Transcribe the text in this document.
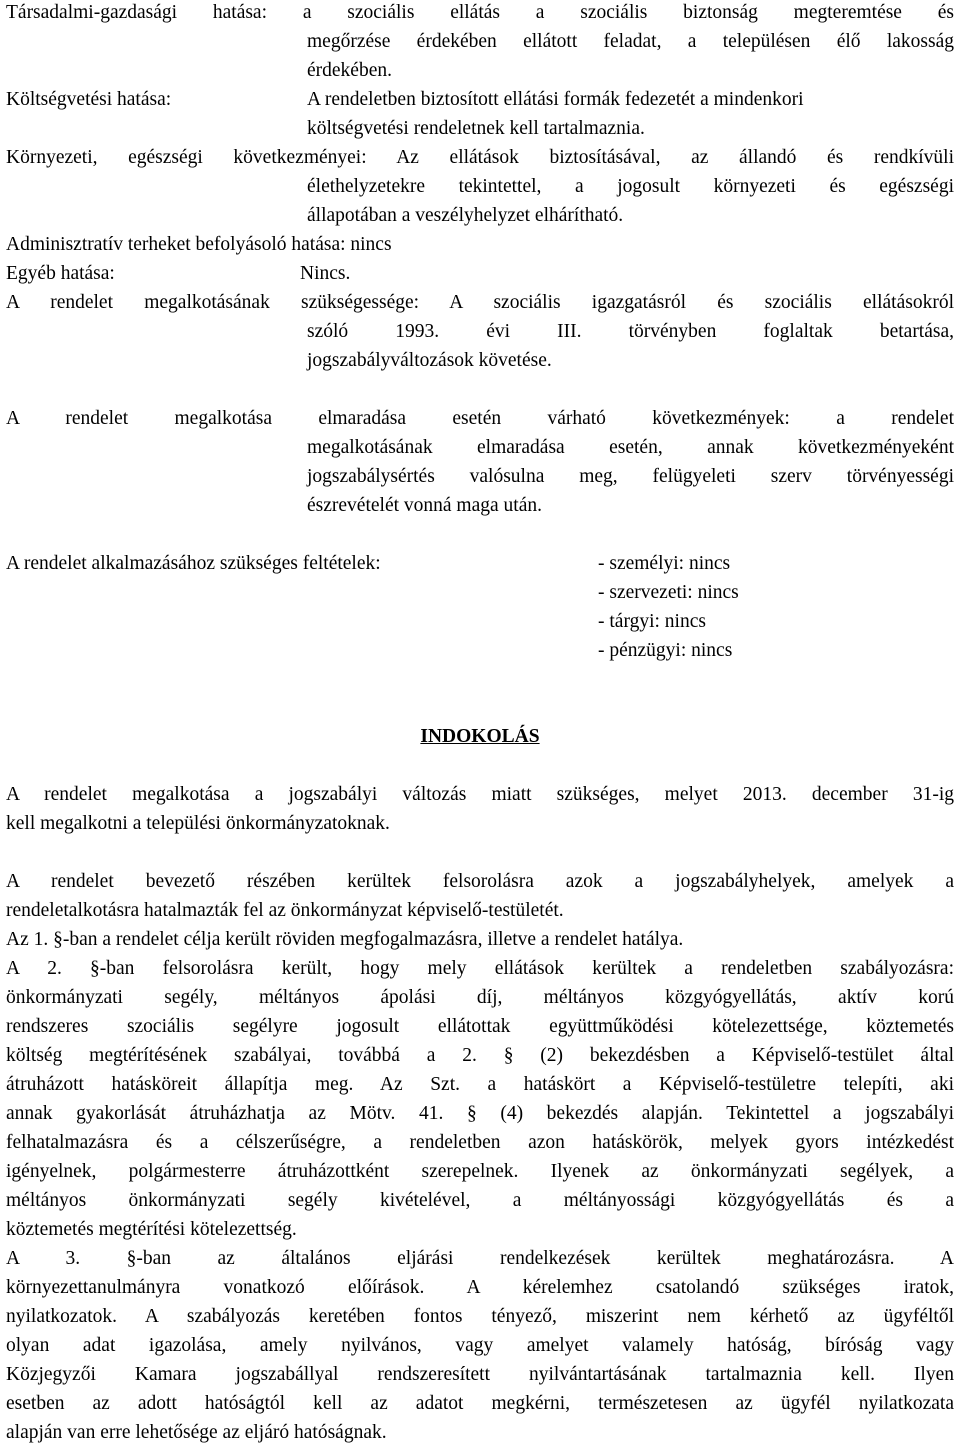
Társadalmi-gazdasági hatása: a szociális ellátás a szociális biztonság megteremtése és
megőrzése érdekében ellátott feladat, a településen élő lakosság
érdekében.
Költségvetési hatása:	A rendeletben biztosított ellátási formák fedezetét a mindenkori
költségvetési rendeletnek kell tartalmaznia.
Környezeti, egészségi következményei: Az ellátások biztosításával, az állandó és rendkívüli
élethelyzetekre tekintettel, a jogosult környezeti és egészségi
állapotában a veszélyhelyzet elhárítható.
Adminisztratív terheket befolyásoló hatása: nincs
Egyéb hatása:	Nincs.
A rendelet megalkotásának szükségessége: A szociális igazgatásról és szociális ellátásokról
szóló 1993. évi III. törvényben foglaltak betartása,
jogszabályváltozások követése.
A rendelet megalkotása elmaradása esetén várható következmények: a rendelet
megalkotásának elmaradása esetén, annak következményeként
jogszabálysértés valósulna meg, felügyeleti szerv törvényességi
észrevételét vonná maga után.
A rendelet alkalmazásához szükséges feltételek:	- személyi: nincs
- szervezeti: nincs
- tárgyi: nincs
- pénzügyi: nincs
INDOKOLÁS
A rendelet megalkotása a jogszabályi változás miatt szükséges, melyet 2013. december 31-ig
kell megalkotni a települési önkormányzatoknak.
A rendelet bevezető részében kerültek felsorolásra azok a jogszabályhelyek, amelyek a
rendeletalkotásra hatalmazták fel az önkormányzat képviselő-testületét.
Az 1. §-ban a rendelet célja került röviden megfogalmazásra, illetve a rendelet hatálya.
A 2. §-ban felsorolásra került, hogy mely ellátások kerültek a rendeletben szabályozásra:
önkormányzati segély, méltányos ápolási díj, méltányos közgyógyellátás, aktív korú
rendszeres szociális segélyre jogosult ellátottak együttműködési kötelezettsége, köztemetés
költség megtérítésének szabályai, továbbá a 2. § (2) bekezdésben a Képviselő-testület által
átruházott hatásköreit állapítja meg. Az Szt. a hatáskört a Képviselő-testületre telepíti, aki
annak gyakorlását átruházhatja az Mötv. 41. § (4) bekezdés alapján. Tekintettel a jogszabályi
felhatalmazásra és a célszerűségre, a rendeletben azon hatáskörök, melyek gyors intézkedést
igényelnek, polgármesterre átruházottként szerepelnek. Ilyenek az önkormányzati segélyek, a
méltányos önkormányzati segély kivételével, a méltányossági közgyógyellátás és a
köztemetés megtérítési kötelezettség.
A 3. §-ban az általános eljárási rendelkezések kerültek meghatározásra. A
környezettanulmányra vonatkozó előírások. A kérelemhez csatolandó szükséges iratok,
nyilatkozatok. A szabályozás keretében fontos tényező, miszerint nem kérhető az ügyféltől
olyan adat igazolása, amely nyilvános, vagy amelyet valamely hatóság, bíróság vagy
Közjegyzői Kamara jogszabállyal rendszeresített nyilvántartásának tartalmaznia kell. Ilyen
esetben az adott hatóságtól kell az adatot megkérni, természetesen az ügyfél nyilatkozata
alapján van erre lehetősége az eljáró hatóságnak.
